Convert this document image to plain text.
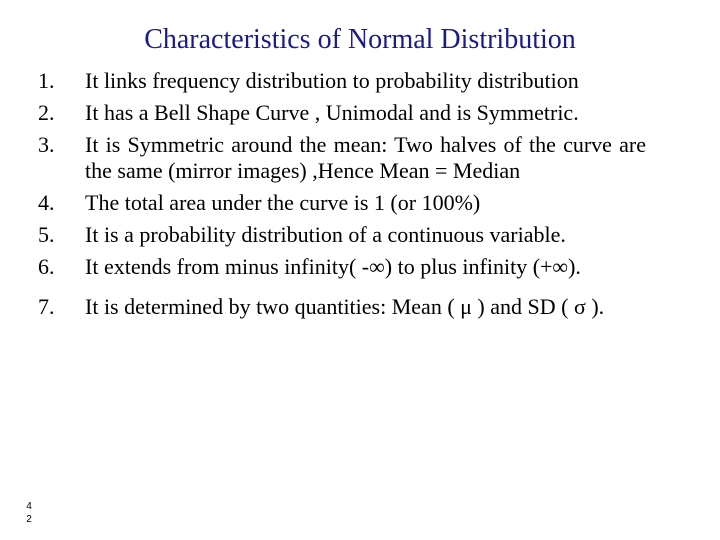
Characteristics of Normal Distribution
1. It links frequency distribution to probability distribution
2. It has a Bell Shape Curve , Unimodal and is Symmetric.
3. It is Symmetric around the mean: Two halves of the curve are the same (mirror images) ,Hence Mean = Median
4. The total area under the curve is 1 (or 100%)
5. It is a probability distribution of a continuous variable.
6. It extends from minus infinity( -∞) to plus infinity (+∞).
7. It is determined by two quantities: Mean ( μ ) and SD ( σ ).
4
2
